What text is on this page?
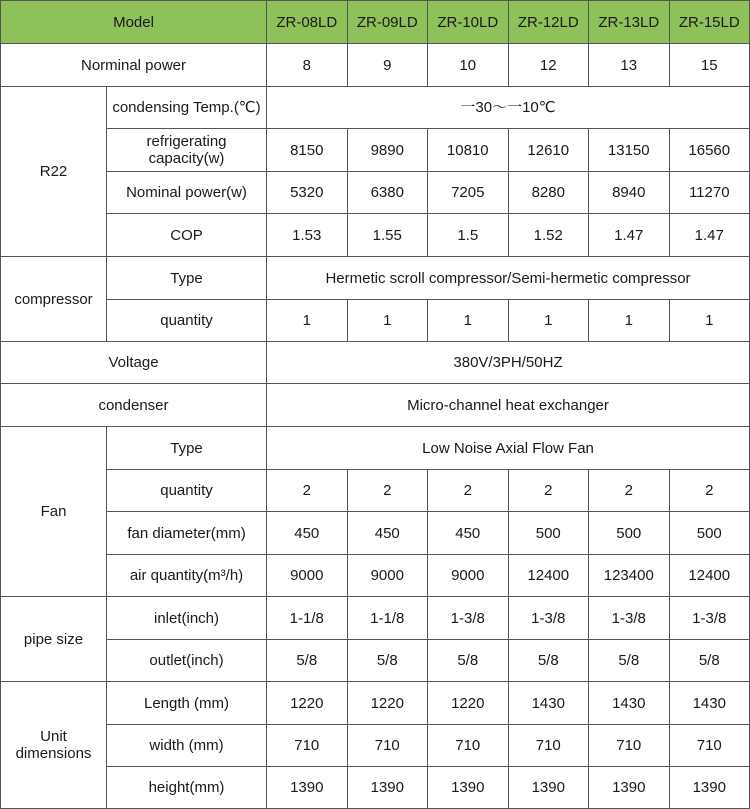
Model		ZR-08LD	ZR-09LD	ZR-10LD	ZR-12LD	ZR-13LD	ZR-15LD
Norminal power		8	9	10	12	13	15
R22	condensing Temp.(℃)	一30～一10℃					
	refrigerating capacity(w)	8150	9890	10810	12610	13150	16560
	Nominal power(w)	5320	6380	7205	8280	8940	11270
	COP	1.53	1.55	1.5	1.52	1.47	1.47
compressor	Type	Hermetic scroll compressor/Semi-hermetic compressor					
	quantity	1	1	1	1	1	1
Voltage		380V/3PH/50HZ					
condenser		Micro-channel heat exchanger					
Fan	Type	Low Noise Axial Flow Fan					
	quantity	2	2	2	2	2	2
	fan diameter(mm)	450	450	450	500	500	500
	air quantity(m³/h)	9000	9000	9000	12400	123400	12400
pipe size	inlet(inch)	1-1/8	1-1/8	1-3/8	1-3/8	1-3/8	1-3/8
	outlet(inch)	5/8	5/8	5/8	5/8	5/8	5/8
Unit dimensions	Length (mm)	1220	1220	1220	1430	1430	1430
	width (mm)	710	710	710	710	710	710
	height(mm)	1390	1390	1390	1390	1390	1390
